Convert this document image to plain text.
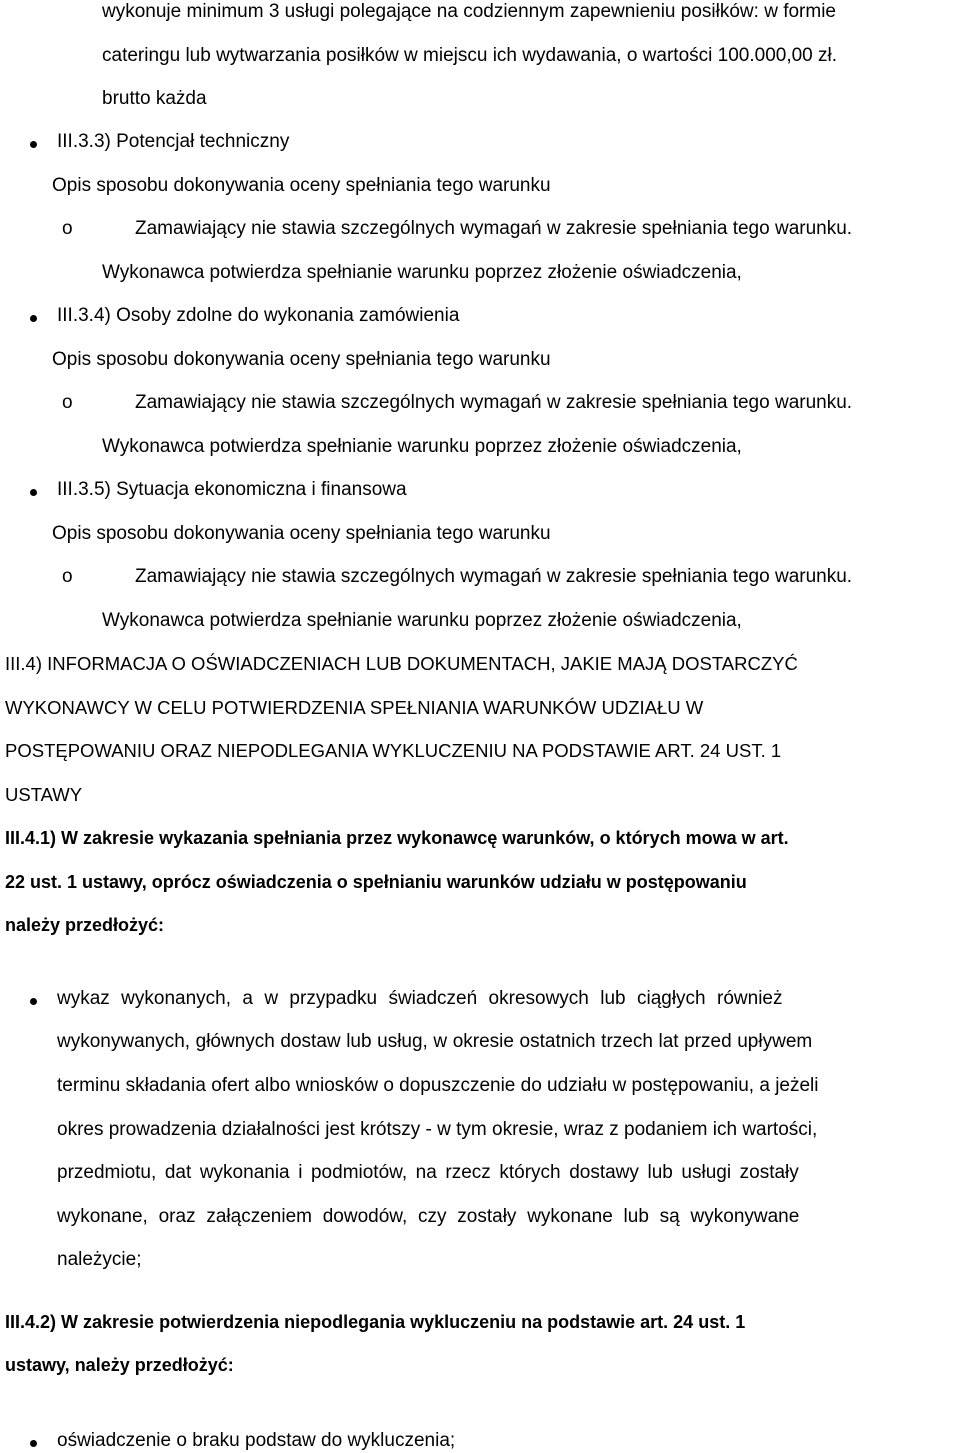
wykonuje minimum 3 usługi polegające na codziennym zapewnieniu posiłków: w formie
cateringu lub wytwarzania posiłków w miejscu ich wydawania, o wartości 100.000,00 zł.
brutto każda
III.3.3) Potencjał techniczny
Opis sposobu dokonywania oceny spełniania tego warunku
o	Zamawiający nie stawia szczególnych wymagań w zakresie spełniania tego warunku.
Wykonawca potwierdza spełnianie warunku poprzez złożenie oświadczenia,
III.3.4) Osoby zdolne do wykonania zamówienia
Opis sposobu dokonywania oceny spełniania tego warunku
o	Zamawiający nie stawia szczególnych wymagań w zakresie spełniania tego warunku.
Wykonawca potwierdza spełnianie warunku poprzez złożenie oświadczenia,
III.3.5) Sytuacja ekonomiczna i finansowa
Opis sposobu dokonywania oceny spełniania tego warunku
o	Zamawiający nie stawia szczególnych wymagań w zakresie spełniania tego warunku.
Wykonawca potwierdza spełnianie warunku poprzez złożenie oświadczenia,
III.4) INFORMACJA O OŚWIADCZENIACH LUB DOKUMENTACH, JAKIE MAJĄ DOSTARCZYĆ
WYKONAWCY W CELU POTWIERDZENIA SPEŁNIANIA WARUNKÓW UDZIAŁU W
POSTĘPOWANIU ORAZ NIEPODLEGANIA WYKLUCZENIU NA PODSTAWIE ART. 24 UST. 1
USTAWY
III.4.1) W zakresie wykazania spełniania przez wykonawcę warunków, o których mowa w art.
22 ust. 1 ustawy, oprócz oświadczenia o spełnianiu warunków udziału w postępowaniu
należy przedłożyć:
wykaz wykonanych, a w przypadku świadczeń okresowych lub ciągłych również
wykonywanych, głównych dostaw lub usług, w okresie ostatnich trzech lat przed upływem
terminu składania ofert albo wniosków o dopuszczenie do udziału w postępowaniu, a jeżeli
okres prowadzenia działalności jest krótszy - w tym okresie, wraz z podaniem ich wartości,
przedmiotu, dat wykonania i podmiotów, na rzecz których dostawy lub usługi zostały
wykonane, oraz załączeniem dowodów, czy zostały wykonane lub są wykonywane
należycie;
III.4.2) W zakresie potwierdzenia niepodlegania wykluczeniu na podstawie art. 24 ust. 1
ustawy, należy przedłożyć:
oświadczenie o braku podstaw do wykluczenia;
